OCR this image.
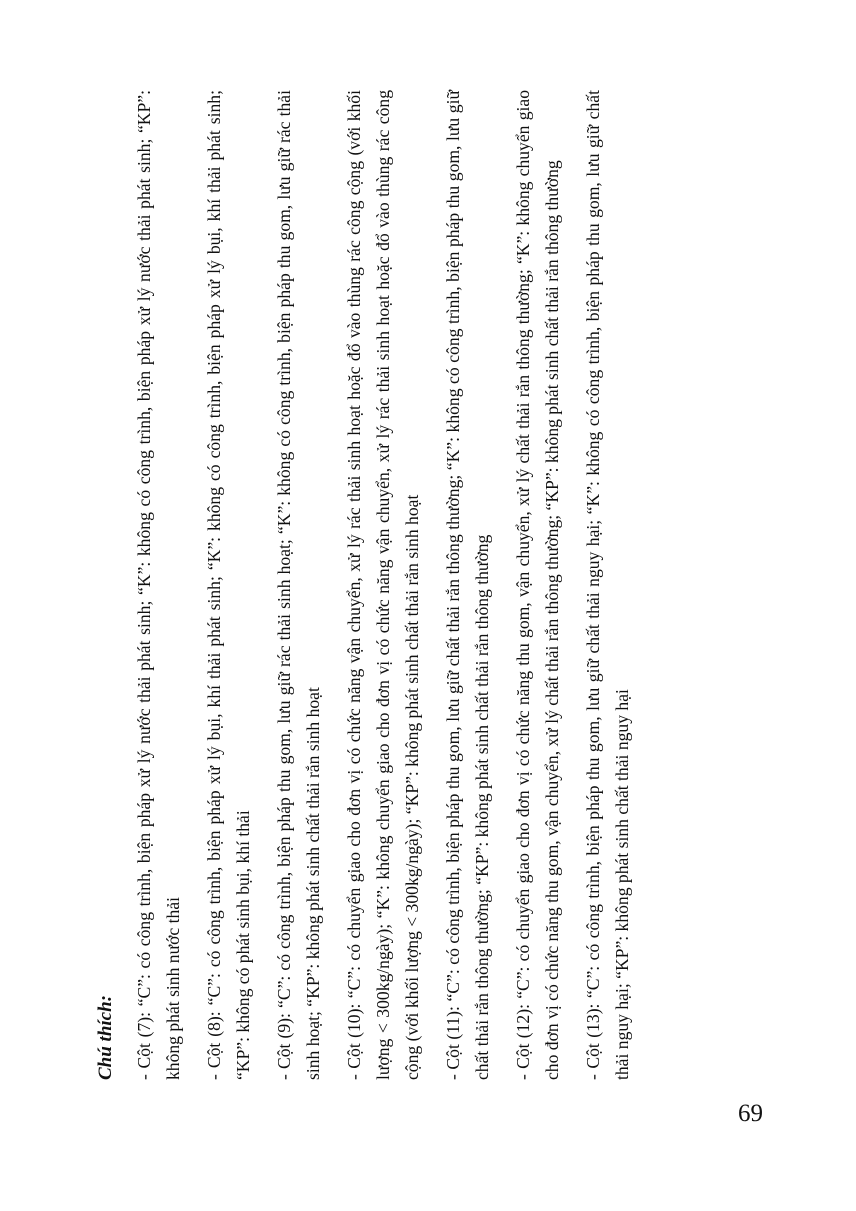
Chú thích:	- Cột (7): “C”: có công trình, biện pháp xử lý nước thải phát sinh; “K”: không có công trình, biện pháp xử lý nước thải phát sinh; “KP”: không phát sinh nước thải - Cột (8): “C”: có công trình, biện pháp xử lý bụi, khí thải phát sinh; “K”: không có công trình, biện pháp xử lý bụi, khí thải phát sinh; “KP”: không có phát sinh bụi, khí thải - Cột (9): “C”: có công trình, biện pháp thu gom, lưu giữ rác thải sinh hoạt; “K”: không có công trình, biện pháp thu gom, lưu giữ rác thải sinh hoạt; “KP”: không phát sinh chất thải rắn sinh hoạt - Cột (10): “C”: có chuyển giao cho đơn vị có chức năng vận chuyển, xử lý rác thải sinh hoạt hoặc đổ vào thùng rác công cộng (với khối lượng < 300kg/ngày); “K”: không chuyển giao cho đơn vị có chức năng vận chuyển, xử lý rác thải sinh hoạt hoặc đổ vào thùng rác công cộng (với khối lượng < 300kg/ngày); “KP”: không phát sinh chất thải rắn sinh hoạt - Cột (11): “C”: có công trình, biện pháp thu gom, lưu giữ chất thải rắn thông thường; “K”: không có công trình, biện pháp thu gom, lưu giữ chất thải rắn thông thường; “KP”: không phát sinh chất thải rắn thông thường - Cột (12): “C”: có chuyển giao cho đơn vị có chức năng thu gom, vận chuyển, xử lý chất thải rắn thông thường; “K”: không chuyển giao cho đơn vị có chức năng thu gom, vận chuyển, xử lý chất thải rắn thông thường; “KP”: không phát sinh chất thải rắn thông thường - Cột (13): “C”: có công trình, biện pháp thu gom, lưu giữ chất thải nguy hại; “K”: không có công trình, biện pháp thu gom, lưu giữ chất thải nguy hại; “KP”: không phát sinh chất thải nguy hại
69
